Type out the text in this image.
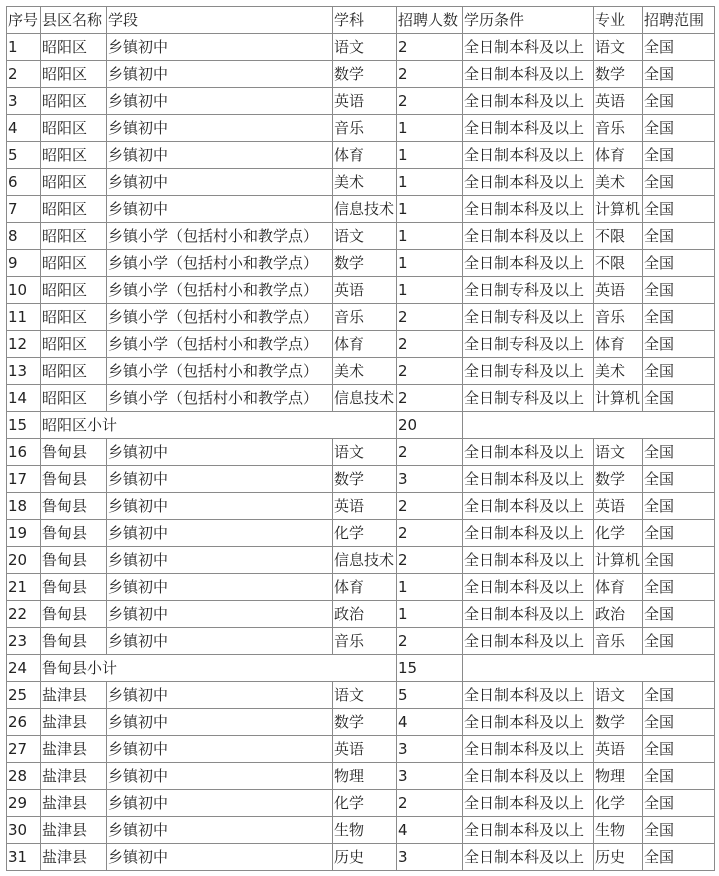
序号	县区名称	学段	学科	招聘人数	学历条件	专业	招聘范围
1	昭阳区	乡镇初中	语文	2	全日制本科及以上	语文	全国
2	昭阳区	乡镇初中	数学	2	全日制本科及以上	数学	全国
3	昭阳区	乡镇初中	英语	2	全日制本科及以上	英语	全国
4	昭阳区	乡镇初中	音乐	1	全日制本科及以上	音乐	全国
5	昭阳区	乡镇初中	体育	1	全日制本科及以上	体育	全国
6	昭阳区	乡镇初中	美术	1	全日制本科及以上	美术	全国
7	昭阳区	乡镇初中	信息技术	1	全日制本科及以上	计算机	全国
8	昭阳区	乡镇小学（包括村小和教学点）	语文	1	全日制本科及以上	不限	全国
9	昭阳区	乡镇小学（包括村小和教学点）	数学	1	全日制本科及以上	不限	全国
10	昭阳区	乡镇小学（包括村小和教学点）	英语	1	全日制专科及以上	英语	全国
11	昭阳区	乡镇小学（包括村小和教学点）	音乐	2	全日制专科及以上	音乐	全国
12	昭阳区	乡镇小学（包括村小和教学点）	体育	2	全日制专科及以上	体育	全国
13	昭阳区	乡镇小学（包括村小和教学点）	美术	2	全日制专科及以上	美术	全国
14	昭阳区	乡镇小学（包括村小和教学点）	信息技术	2	全日制专科及以上	计算机	全国
15	昭阳区小计			20			
16	鲁甸县	乡镇初中	语文	2	全日制本科及以上	语文	全国
17	鲁甸县	乡镇初中	数学	3	全日制本科及以上	数学	全国
18	鲁甸县	乡镇初中	英语	2	全日制本科及以上	英语	全国
19	鲁甸县	乡镇初中	化学	2	全日制本科及以上	化学	全国
20	鲁甸县	乡镇初中	信息技术	2	全日制本科及以上	计算机	全国
21	鲁甸县	乡镇初中	体育	1	全日制本科及以上	体育	全国
22	鲁甸县	乡镇初中	政治	1	全日制本科及以上	政治	全国
23	鲁甸县	乡镇初中	音乐	2	全日制本科及以上	音乐	全国
24	鲁甸县小计			15			
25	盐津县	乡镇初中	语文	5	全日制本科及以上	语文	全国
26	盐津县	乡镇初中	数学	4	全日制本科及以上	数学	全国
27	盐津县	乡镇初中	英语	3	全日制本科及以上	英语	全国
28	盐津县	乡镇初中	物理	3	全日制本科及以上	物理	全国
29	盐津县	乡镇初中	化学	2	全日制本科及以上	化学	全国
30	盐津县	乡镇初中	生物	4	全日制本科及以上	生物	全国
31	盐津县	乡镇初中	历史	3	全日制本科及以上	历史	全国
